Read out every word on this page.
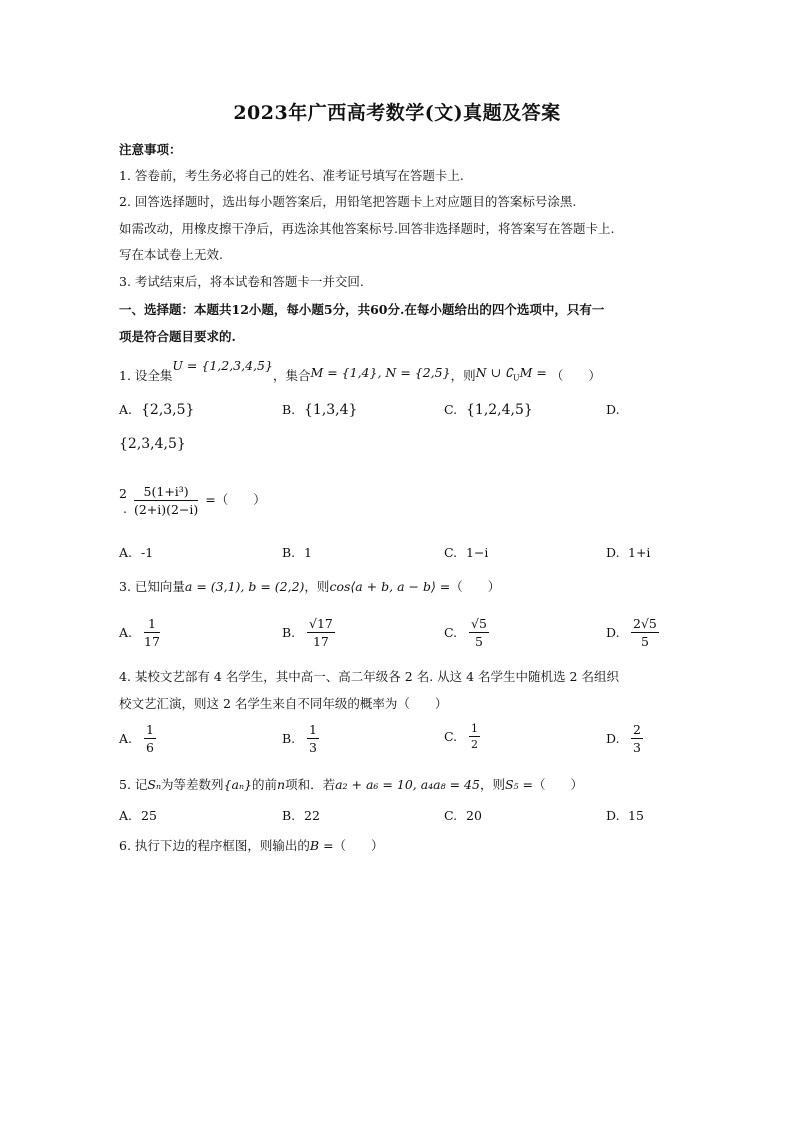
2023年广西高考数学(文)真题及答案
注意事项：
1. 答卷前，考生务必将自己的姓名、准考证号填写在答题卡上.
2. 回答选择题时，选出每小题答案后，用铅笔把答题卡上对应题目的答案标号涂黑.
如需改动，用橡皮擦干净后，再选涂其他答案标号.回答非选择题时，将答案写在答题卡上.
写在本试卷上无效.
3. 考试结束后，将本试卷和答题卡一并交回.
一、选择题：本题共12小题，每小题5分，共60分.在每小题给出的四个选项中，只有一
项是符合题目要求的.
1. 设全集U = {1,2,3,4,5}，集合M = {1,4}, N = {2,5}，则N ∪ $∁_UM$ = （　　）
A. {2,3,5}	B. {1,3,4}	C. {1,2,4,5}	D.
{2,3,4,5}
2
. $\frac{\text{5(1+i³)}}{(2+i)(2-i)}$ =（　　）
A. -1	B. 1	C. 1−i	D. 1+i
3. 已知向量a = (3,1), b = (2,2)，则cos⟨a + b, a − b⟩ =（　　）
A. $\frac{1}{17}$	B. $\frac{√17}{17}$	C. $\frac{√5}{5}$	D. $\frac{2√5}{5}$
4. 某校文艺部有 4 名学生，其中高一、高二年级各 2 名. 从这 4 名学生中随机选 2 名组织
校文艺汇演，则这 2 名学生来自不同年级的概率为（　　）
A. $\frac{1}{6}$	B. $\frac{1}{3}$	C. $\frac{1}{2}$	D. $\frac{2}{3}$
5. 记Sₙ为等差数列{aₙ}的前n项和．若a₂ + a₆ = 10, a₄a₈ = 45，则S₅ =（　　）
A. 25	B. 22	C. 20	D. 15
6. 执行下边的程序框图，则输出的B =（　　）
